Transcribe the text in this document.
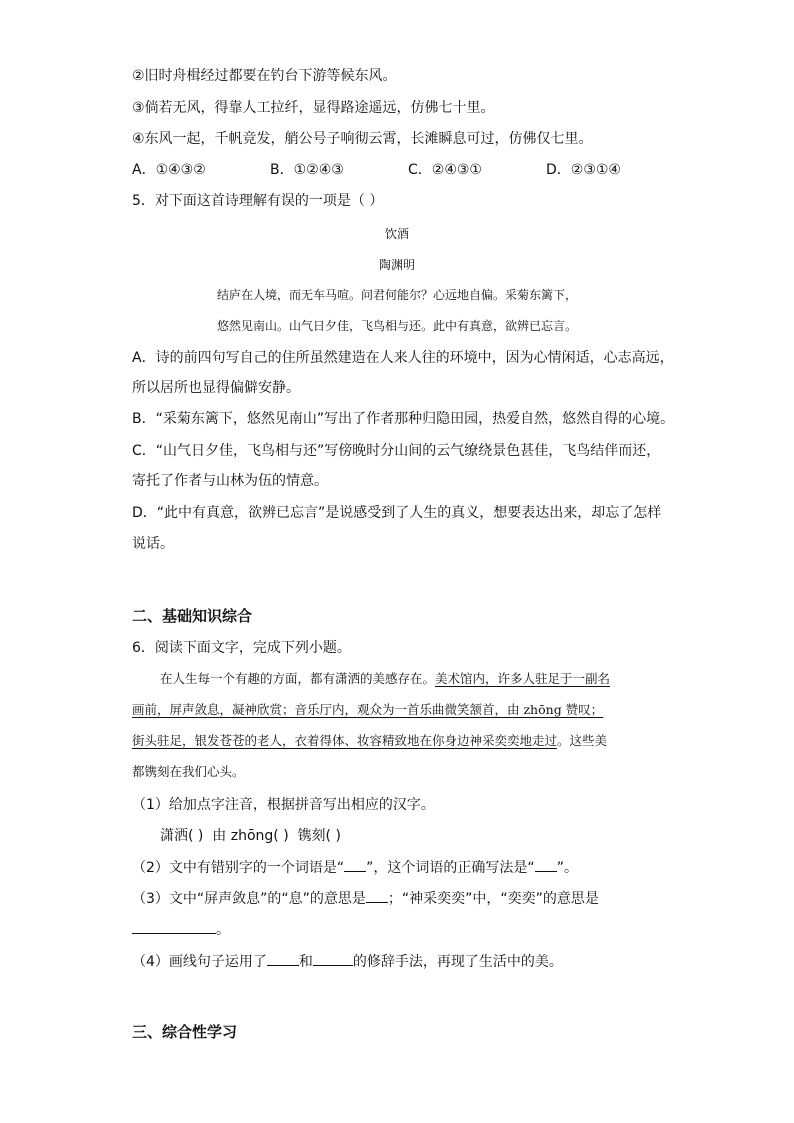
②旧时舟楫经过都要在钓台下游等候东风。
③倘若无风，得靠人工拉纤，显得路途遥远，仿佛七十里。
④东风一起，千帆竞发，艄公号子响彻云霄，长滩瞬息可过，仿佛仅七里。
A．①④③②	B．①②④③	C．②④③①	D．②③①④
5．对下面这首诗理解有误的一项是（ ）
饮酒
陶渊明
结庐在人境，而无车马喧。问君何能尔？心远地自偏。采菊东篱下，
悠然见南山。山气日夕佳，飞鸟相与还。此中有真意，欲辨已忘言。
A．诗的前四句写自己的住所虽然建造在人来人往的环境中，因为心情闲适，心志高远，
所以居所也显得偏僻安静。
B．“采菊东篱下，悠然见南山”写出了作者那种归隐田园，热爱自然，悠然自得的心境。
C．“山气日夕佳，飞鸟相与还”写傍晚时分山间的云气缭绕景色甚佳，飞鸟结伴而还，
寄托了作者与山林为伍的情意。
D．“此中有真意，欲辨已忘言”是说感受到了人生的真义，想要表达出来，却忘了怎样
说话。
二、基础知识综合
6．阅读下面文字，完成下列小题。
在人生每一个有趣的方面，都有潇洒的美感存在。美术馆内，许多人驻足于一副名
画前，屏声敛息，凝神欣赏；音乐厅内，观众为一首乐曲微笑颔首，由 zhōng 赞叹；
街头驻足，银发苍苍的老人，衣着得体、妆容精致地在你身边神采奕奕地走过。这些美
都镌刻在我们心头。
（1）给加点字注音，根据拼音写出相应的汉字。
潇洒( ) 由 zhōng( ) 镌刻( )
（2）文中有错别字的一个词语是“ ”，这个词语的正确写法是“ ”。
（3）文中“屏声敛息”的“息”的意思是 ；“神采奕奕”中，“奕奕”的意思是
。
（4）画线句子运用了 和	的修辞手法，再现了生活中的美。
三、综合性学习
